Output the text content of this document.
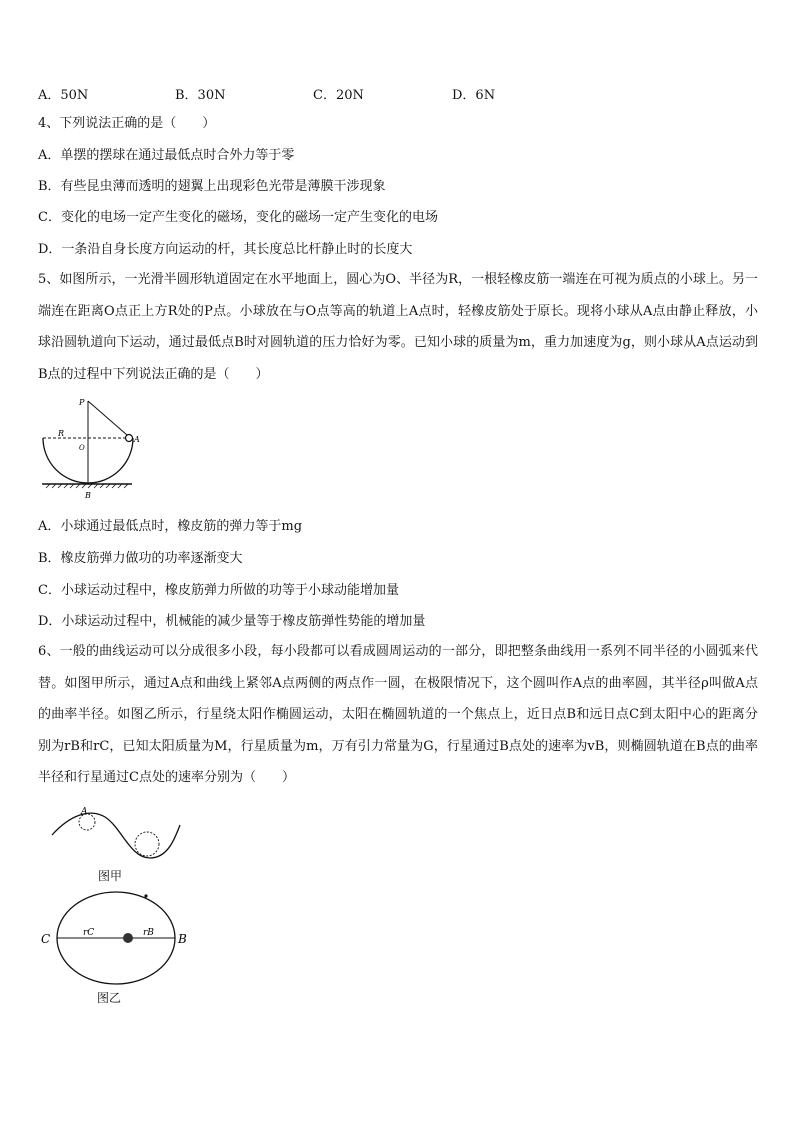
A．50N	B．30N	C．20N	D．6N
4、下列说法正确的是（　　）
A．单摆的摆球在通过最低点时合外力等于零
B．有些昆虫薄而透明的翅翼上出现彩色光带是薄膜干涉现象
C．变化的电场一定产生变化的磁场，变化的磁场一定产生变化的电场
D．一条沿自身长度方向运动的杆，其长度总比杆静止时的长度大
5、如图所示，一光滑半圆形轨道固定在水平地面上，圆心为O、半径为R，一根轻橡皮筋一端连在可视为质点的小球上。另一端连在距离O点正上方R处的P点。小球放在与O点等高的轨道上A点时，轻橡皮筋处于原长。现将小球从A点由静止释放，小球沿圆轨道向下运动，通过最低点B时对圆轨道的压力恰好为零。已知小球的质量为m，重力加速度为g，则小球从A点运动到B点的过程中下列说法正确的是（　　）
P
R
O
A
B
A．小球通过最低点时，橡皮筋的弹力等于mg
B．橡皮筋弹力做功的功率逐渐变大
C．小球运动过程中，橡皮筋弹力所做的功等于小球动能增加量
D．小球运动过程中，机械能的减少量等于橡皮筋弹性势能的增加量
6、一般的曲线运动可以分成很多小段，每小段都可以看成圆周运动的一部分，即把整条曲线用一系列不同半径的小圆弧来代替。如图甲所示，通过A点和曲线上紧邻A点两侧的两点作一圆，在极限情况下，这个圆叫作A点的曲率圆，其半径ρ叫做A点的曲率半径。如图乙所示，行星绕太阳作椭圆运动，太阳在椭圆轨道的一个焦点上，近日点B和远日点C到太阳中心的距离分别为rB和rC，已知太阳质量为M，行星质量为m，万有引力常量为G，行星通过B点处的速率为vB，则椭圆轨道在B点的曲率半径和行星通过C点处的速率分别为（　　）
A
图甲
C	B
rC	rB
图乙
